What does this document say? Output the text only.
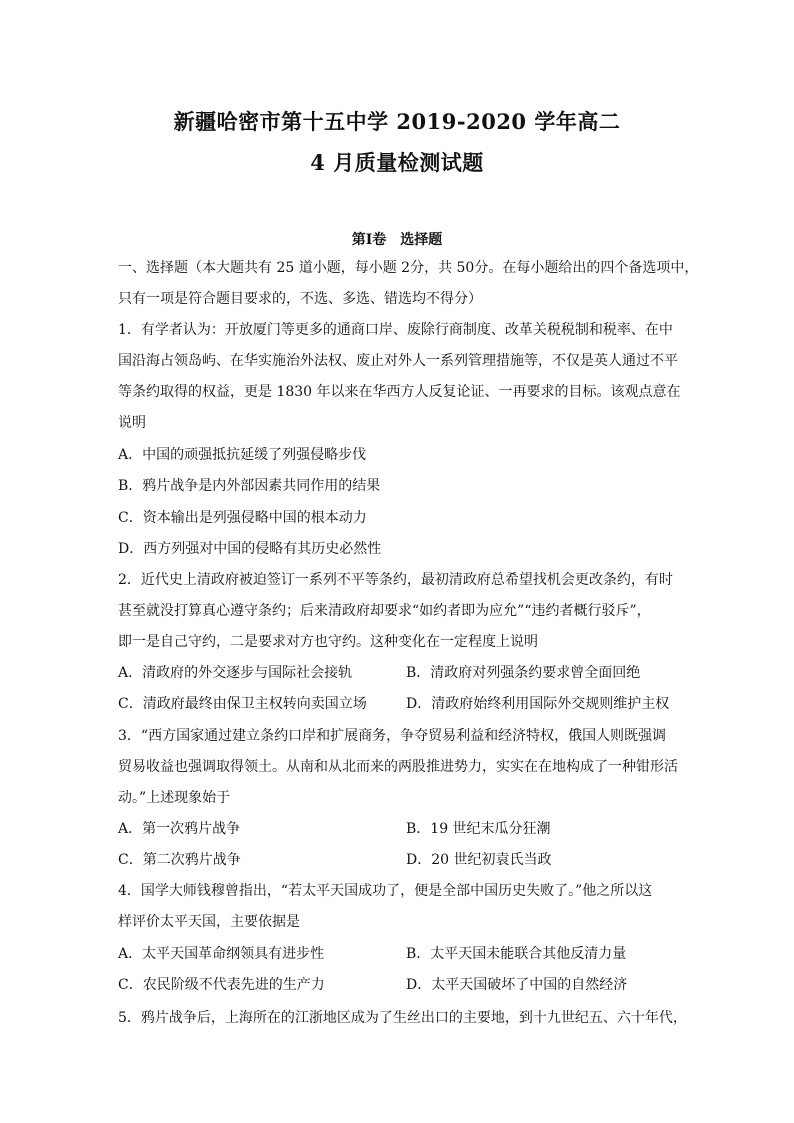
新疆哈密市第十五中学 2019-2020 学年高二
4 月质量检测试题
第Ⅰ卷　选择题
一、选择题（本大题共有 25 道小题，每小题 2分，共 50分。在每小题给出的四个备选项中，
只有一项是符合题目要求的，不选、多选、错选均不得分）
1．有学者认为：开放厦门等更多的通商口岸、废除行商制度、改革关税税制和税率、在中
国沿海占领岛屿、在华实施治外法权、废止对外人一系列管理措施等，不仅是英人通过不平
等条约取得的权益，更是 1830 年以来在华西方人反复论证、一再要求的目标。该观点意在
说明
A．中国的顽强抵抗延缓了列强侵略步伐
B．鸦片战争是内外部因素共同作用的结果
C．资本输出是列强侵略中国的根本动力
D．西方列强对中国的侵略有其历史必然性
2．近代史上清政府被迫签订一系列不平等条约，最初清政府总希望找机会更改条约，有时
甚至就没打算真心遵守条约；后来清政府却要求“如约者即为应允”“违约者概行驳斥”，
即一是自己守约，二是要求对方也守约。这种变化在一定程度上说明
A．清政府的外交逐步与国际社会接轨	B．清政府对列强条约要求曾全面回绝
C．清政府最终由保卫主权转向卖国立场	D．清政府始终利用国际外交规则维护主权
3．“西方国家通过建立条约口岸和扩展商务，争夺贸易利益和经济特权，俄国人则既强调
贸易收益也强调取得领土。从南和从北而来的两股推进势力，实实在在地构成了一种钳形活
动。”上述现象始于
A．第一次鸦片战争	B．19 世纪末瓜分狂潮
C．第二次鸦片战争	D．20 世纪初袁氏当政
4．国学大师钱穆曾指出，“若太平天国成功了，便是全部中国历史失败了。”他之所以这
样评价太平天国，主要依据是
A．太平天国革命纲领具有进步性	B．太平天国未能联合其他反清力量
C．农民阶级不代表先进的生产力	D．太平天国破坏了中国的自然经济
5．鸦片战争后，上海所在的江浙地区成为了生丝出口的主要地，到十九世纪五、六十年代，
